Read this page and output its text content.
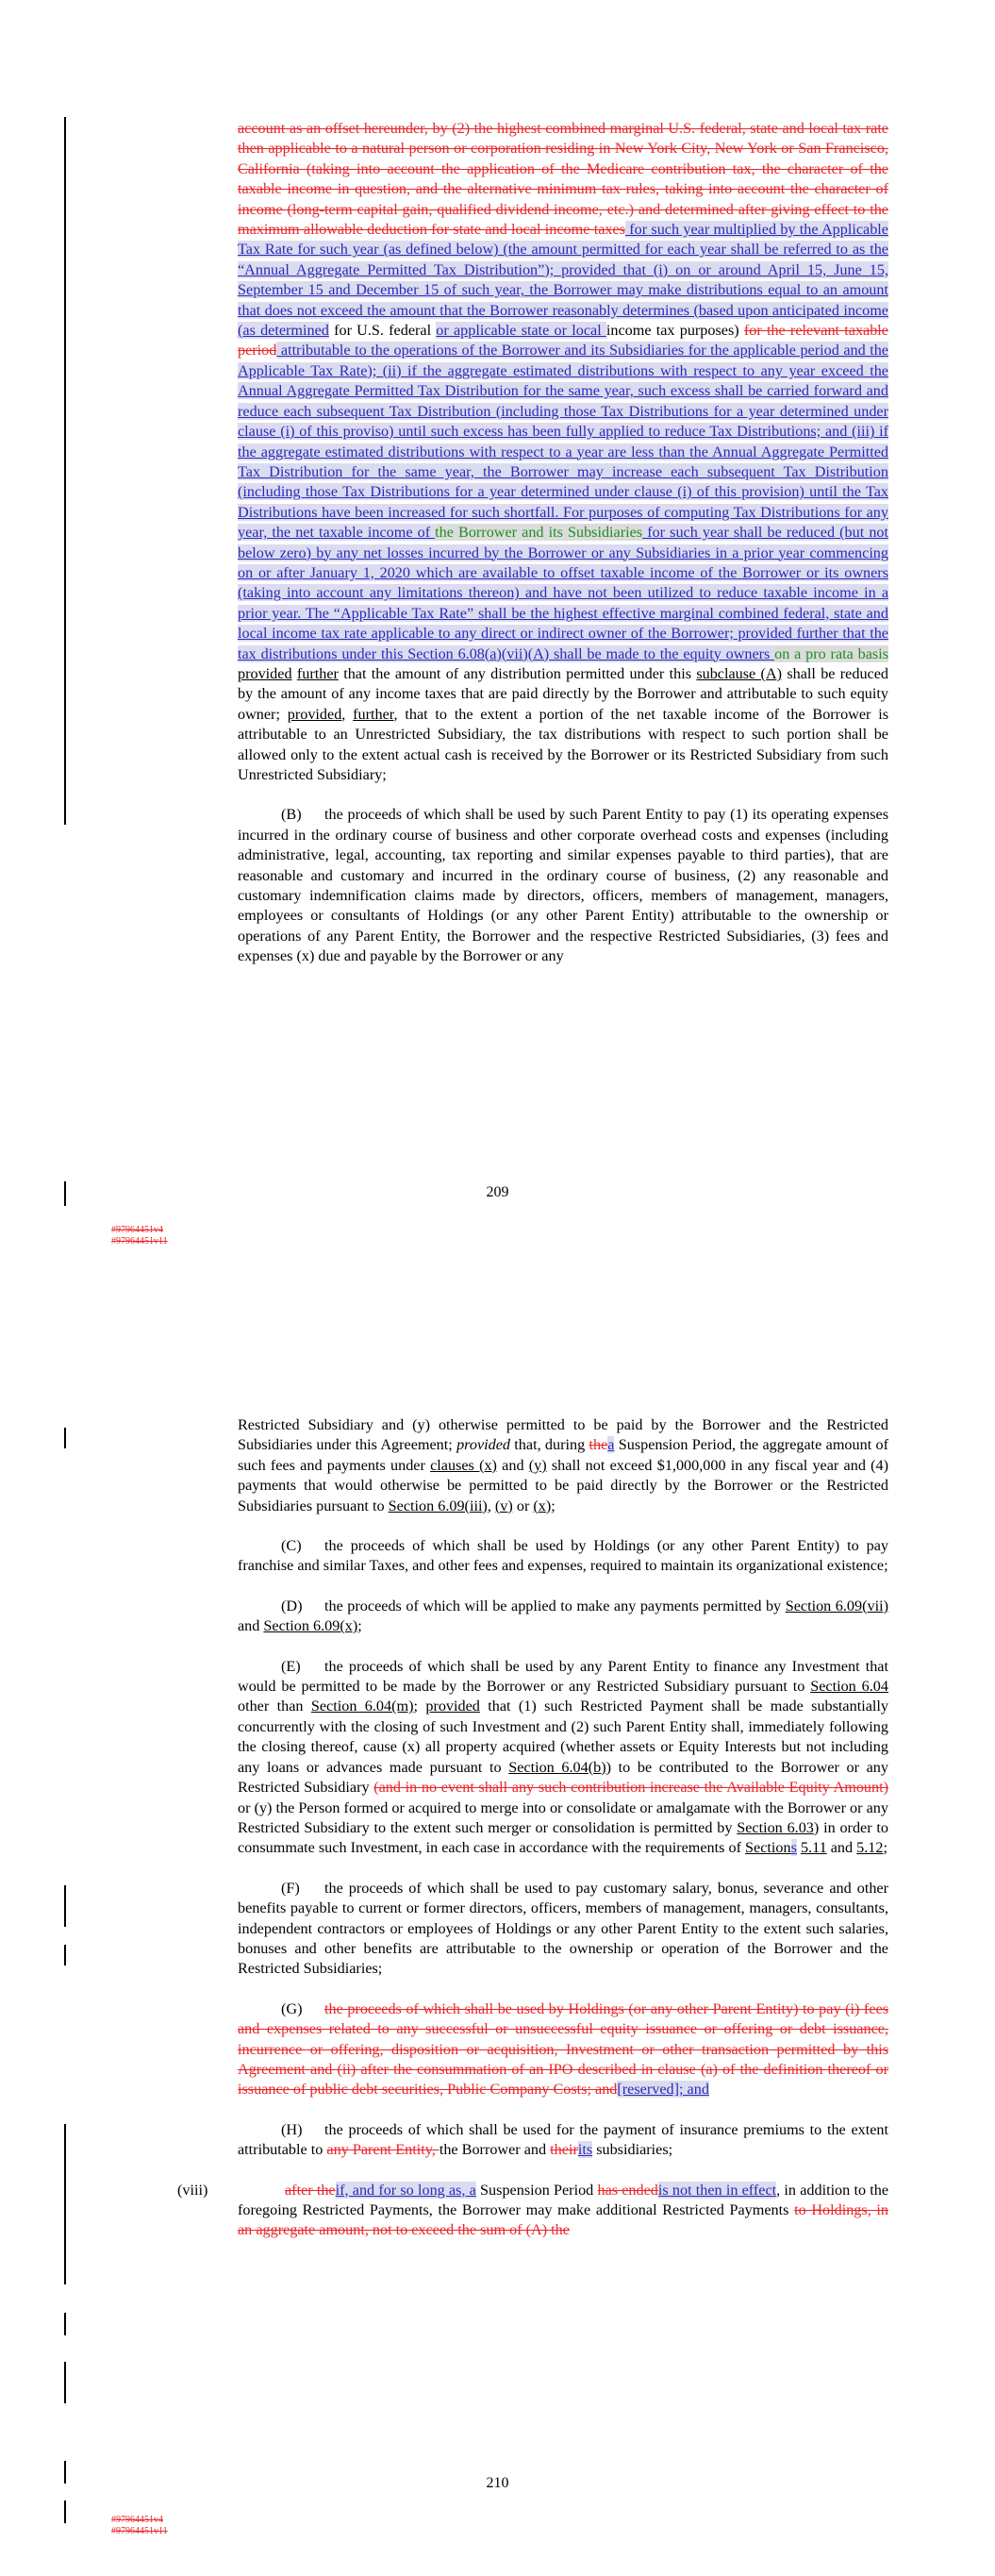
account as an offset hereunder, by (2) the highest combined marginal U.S. federal, state and local tax rate then applicable to a natural person or corporation residing in New York City, New York or San Francisco, California (taking into account the application of the Medicare contribution tax, the character of the taxable income in question, and the alternative minimum tax rules, taking into account the character of income (long-term capital gain, qualified dividend income, etc.) and determined after giving effect to the maximum allowable deduction for state and local income taxes for such year multiplied by the Applicable Tax Rate for such year (as defined below) (the amount permitted for each year shall be referred to as the “Annual Aggregate Permitted Tax Distribution”); provided that (i) on or around April 15, June 15, September 15 and December 15 of such year, the Borrower may make distributions equal to an amount that does not exceed the amount that the Borrower reasonably determines (based upon anticipated income (as determined for U.S. federal or applicable state or local income tax purposes) for the relevant taxable period attributable to the operations of the Borrower and its Subsidiaries for the applicable period and the Applicable Tax Rate); (ii) if the aggregate estimated distributions with respect to any year exceed the Annual Aggregate Permitted Tax Distribution for the same year, such excess shall be carried forward and reduce each subsequent Tax Distribution (including those Tax Distributions for a year determined under clause (i) of this proviso) until such excess has been fully applied to reduce Tax Distributions; and (iii) if the aggregate estimated distributions with respect to a year are less than the Annual Aggregate Permitted Tax Distribution for the same year, the Borrower may increase each subsequent Tax Distribution (including those Tax Distributions for a year determined under clause (i) of this provision) until the Tax Distributions have been increased for such shortfall. For purposes of computing Tax Distributions for any year, the net taxable income of the Borrower and its Subsidiaries for such year shall be reduced (but not below zero) by any net losses incurred by the Borrower or any Subsidiaries in a prior year commencing on or after January 1, 2020 which are available to offset taxable income of the Borrower or its owners (taking into account any limitations thereon) and have not been utilized to reduce taxable income in a prior year. The “Applicable Tax Rate” shall be the highest effective marginal combined federal, state and local income tax rate applicable to any direct or indirect owner of the Borrower; provided further that the tax distributions under this Section 6.08(a)(vii)(A) shall be made to the equity owners on a pro rata basis provided further that the amount of any distribution permitted under this subclause (A) shall be reduced by the amount of any income taxes that are paid directly by the Borrower and attributable to such equity owner; provided, further, that to the extent a portion of the net taxable income of the Borrower is attributable to an Unrestricted Subsidiary, the tax distributions with respect to such portion shall be allowed only to the extent actual cash is received by the Borrower or its Restricted Subsidiary from such Unrestricted Subsidiary;

(B) the proceeds of which shall be used by such Parent Entity to pay (1) its operating expenses incurred in the ordinary course of business and other corporate overhead costs and expenses (including administrative, legal, accounting, tax reporting and similar expenses payable to third parties), that are reasonable and customary and incurred in the ordinary course of business, (2) any reasonable and customary indemnification claims made by directors, officers, members of management, managers, employees or consultants of Holdings (or any other Parent Entity) attributable to the ownership or operations of any Parent Entity, the Borrower and the respective Restricted Subsidiaries, (3) fees and expenses (x) due and payable by the Borrower or any

209
#97964451v4
#97964451v11

Restricted Subsidiary and (y) otherwise permitted to be paid by the Borrower and the Restricted Subsidiaries under this Agreement; provided that, during thea Suspension Period, the aggregate amount of such fees and payments under clauses (x) and (y) shall not exceed $1,000,000 in any fiscal year and (4) payments that would otherwise be permitted to be paid directly by the Borrower or the Restricted Subsidiaries pursuant to Section 6.09(iii), (v) or (x);

(C) the proceeds of which shall be used by Holdings (or any other Parent Entity) to pay franchise and similar Taxes, and other fees and expenses, required to maintain its organizational existence;

(D) the proceeds of which will be applied to make any payments permitted by Section 6.09(vii) and Section 6.09(x);

(E) the proceeds of which shall be used by any Parent Entity to finance any Investment that would be permitted to be made by the Borrower or any Restricted Subsidiary pursuant to Section 6.04 other than Section 6.04(m); provided that (1) such Restricted Payment shall be made substantially concurrently with the closing of such Investment and (2) such Parent Entity shall, immediately following the closing thereof, cause (x) all property acquired (whether assets or Equity Interests but not including any loans or advances made pursuant to Section 6.04(b)) to be contributed to the Borrower or any Restricted Subsidiary (and in no event shall any such contribution increase the Available Equity Amount) or (y) the Person formed or acquired to merge into or consolidate or amalgamate with the Borrower or any Restricted Subsidiary to the extent such merger or consolidation is permitted by Section 6.03) in order to consummate such Investment, in each case in accordance with the requirements of Sections 5.11 and 5.12;

(F) the proceeds of which shall be used to pay customary salary, bonus, severance and other benefits payable to current or former directors, officers, members of management, managers, consultants, independent contractors or employees of Holdings or any other Parent Entity to the extent such salaries, bonuses and other benefits are attributable to the ownership or operation of the Borrower and the Restricted Subsidiaries;

(G) the proceeds of which shall be used by Holdings (or any other Parent Entity) to pay (i) fees and expenses related to any successful or unsuccessful equity issuance or offering or debt issuance, incurrence or offering, disposition or acquisition, Investment or other transaction permitted by this Agreement and (ii) after the consummation of an IPO described in clause (a) of the definition thereof or issuance of public debt securities, Public Company Costs; and[reserved]; and

(H) the proceeds of which shall be used for the payment of insurance premiums to the extent attributable to any Parent Entity, the Borrower and theirits subsidiaries;

(viii)	after theif, and for so long as, a Suspension Period has endedis not then in effect, in addition to the foregoing Restricted Payments, the Borrower may make additional Restricted Payments to Holdings, in an aggregate amount, not to exceed the sum of (A) the

210
#97964451v4
#97964451v11
